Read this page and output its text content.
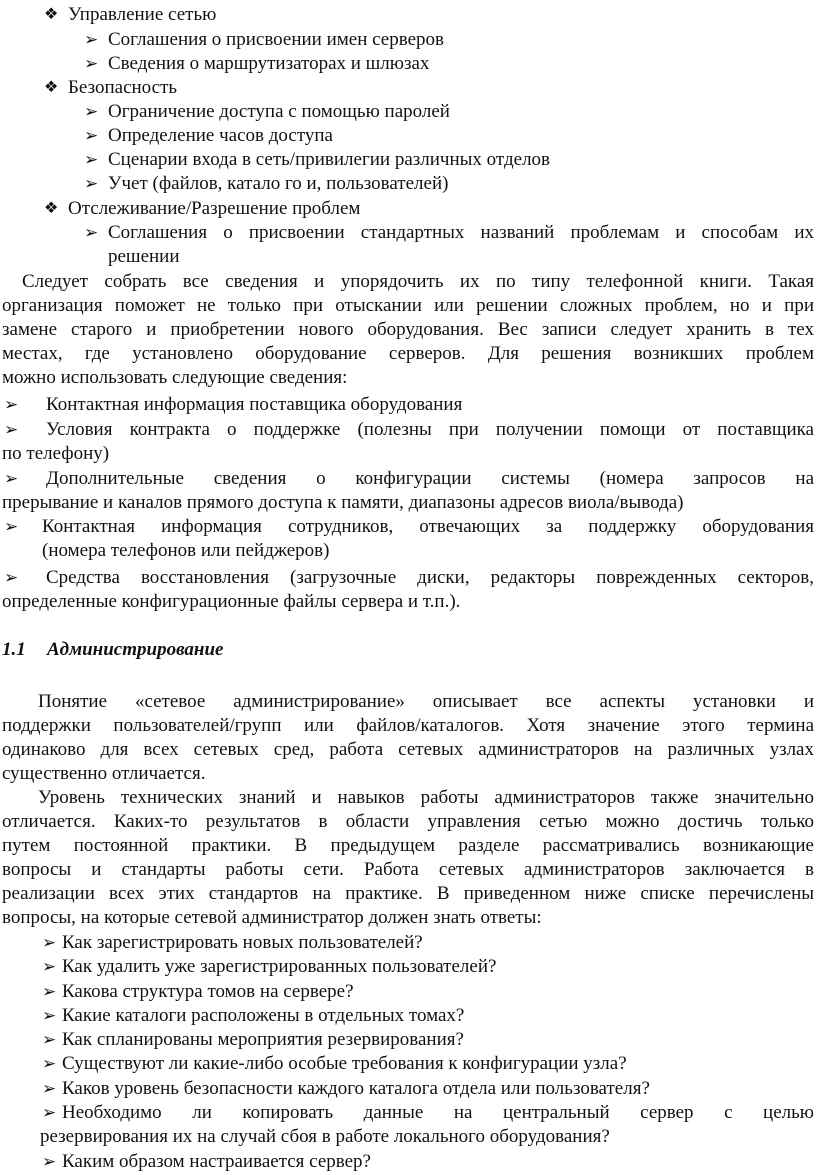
❖ Управление сетью
➢ Соглашения о присвоении имен серверов
➢ Сведения о маршрутизаторах и шлюзах
❖ Безопасность
➢ Ограничение доступа с помощью паролей
➢ Определение часов доступа
➢ Сценарии входа в сеть/привилегии различных отделов
➢ Учет (файлов, катало го и, пользователей)
❖ Отслеживание/Разрешение проблем
➢ Соглашения о присвоении стандартных названий проблемам и способам их
решении
Следует собрать все сведения и упорядочить их по типу телефонной книги. Такая
организация поможет не только при отыскании или решении сложных проблем, но и при
замене старого и приобретении нового оборудования. Вес записи следует хранить в тех
местах, где установлено оборудование серверов. Для решения возникших проблем
можно использовать следующие сведения:
➢ Контактная информация поставщика оборудования
➢ Условия контракта о поддержке (полезны при получении помощи от поставщика
по телефону)
➢ Дополнительные сведения о конфигурации системы (номера запросов на
прерывание и каналов прямого доступа к памяти, диапазоны адресов виола/вывода)
➢ Контактная информация сотрудников, отвечающих за поддержку оборудования
(номера телефонов или пейджеров)
➢ Средства восстановления (загрузочные диски, редакторы поврежденных секторов,
определенные конфигурационные файлы сервера и т.п.).
1.1 Администрирование
Понятие «сетевое администрирование» описывает все аспекты установки и
поддержки пользователей/групп или файлов/каталогов. Хотя значение этого термина
одинаково для всех сетевых сред, работа сетевых администраторов на различных узлах
существенно отличается.
Уровень технических знаний и навыков работы администраторов также значительно
отличается. Каких-то результатов в области управления сетью можно достичь только
путем постоянной практики. В предыдущем разделе рассматривались возникающие
вопросы и стандарты работы сети. Работа сетевых администраторов заключается в
реализации всех этих стандартов на практике. В приведенном ниже списке перечислены
вопросы, на которые сетевой администратор должен знать ответы:
➢ Как зарегистрировать новых пользователей?
➢ Как удалить уже зарегистрированных пользователей?
➢ Какова структура томов на сервере?
➢ Какие каталоги расположены в отдельных томах?
➢ Как спланированы мероприятия резервирования?
➢ Существуют ли какие-либо особые требования к конфигурации узла?
➢ Каков уровень безопасности каждого каталога отдела или пользователя?
➢ Необходимо ли копировать данные на центральный сервер с целью
резервирования их на случай сбоя в работе локального оборудования?
➢ Каким образом настраивается сервер?
